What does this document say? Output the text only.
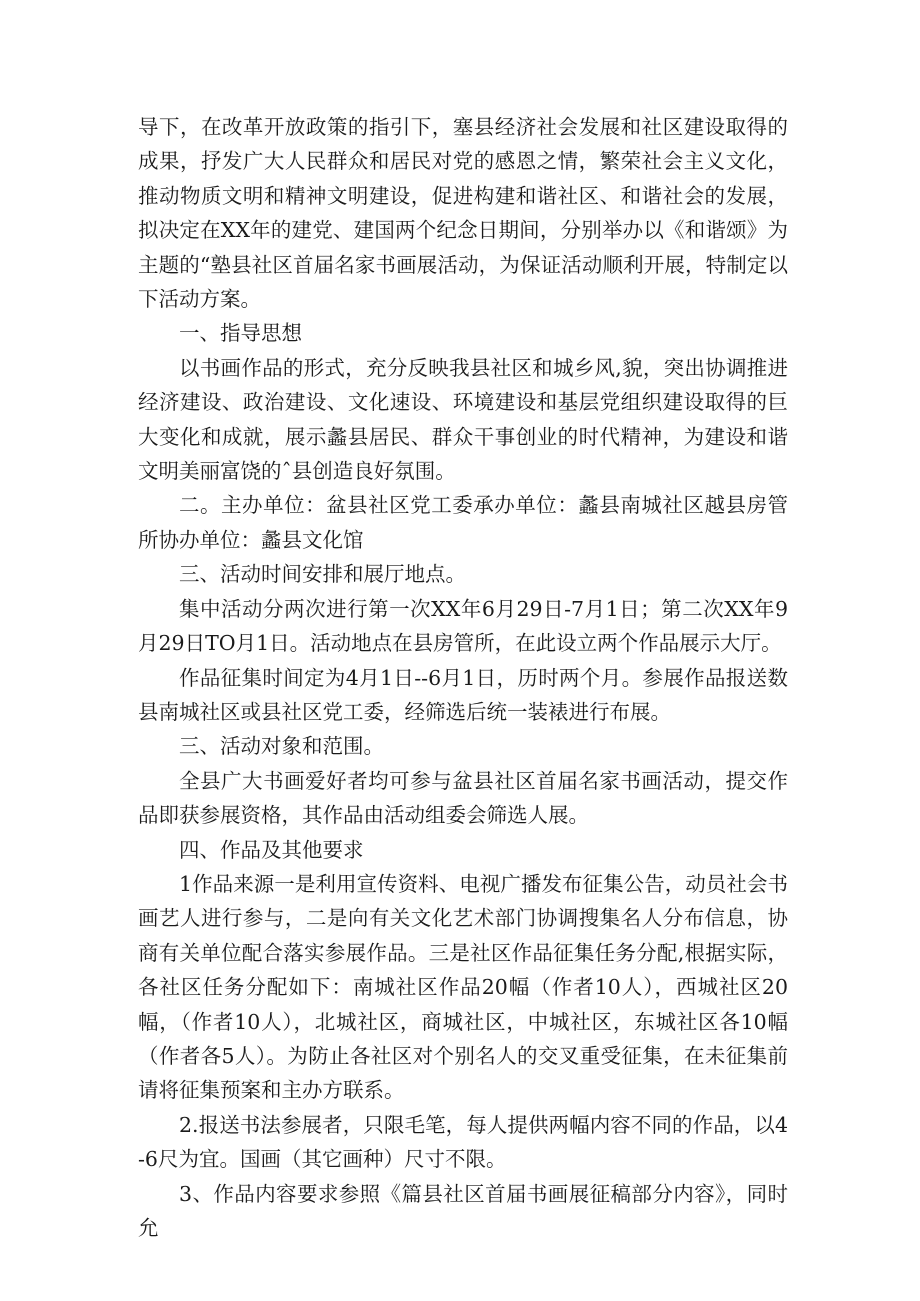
导下，在改革开放政策的指引下，塞县经济社会发展和社区建设取得的成果，抒发广大人民群众和居民对党的感恩之情，繁荣社会主义文化，推动物质文明和精神文明建设，促进构建和谐社区、和谐社会的发展，拟决定在XX年的建党、建国两个纪念日期间，分别举办以《和谐颂》为主题的“塾县社区首届名家书画展活动，为保证活动顺利开展，特制定以下活动方案。

一、指导思想

以书画作品的形式，充分反映我县社区和城乡风,貌，突出协调推进经济建设、政治建设、文化速设、环境建设和基层党组织建设取得的巨大变化和成就，展示蠡县居民、群众干事创业的时代精神，为建设和谐文明美丽富饶的ˆ县创造良好氛围。

二。主办单位：盆县社区党工委承办单位：蠡县南城社区越县房管所协办单位：蠡县文化馆

三、活动时间安排和展厅地点。

集中活动分两次进行第一次XX年6月29日-7月1日；第二次XX年9月29日TO月1日。活动地点在县房管所，在此设立两个作品展示大厅。

作品征集时间定为4月1日--6月1日，历时两个月。参展作品报送数县南城社区或县社区党工委，经筛选后统一装裱进行布展。

三、活动对象和范围。

全县广大书画爱好者均可参与盆县社区首届名家书画活动，提交作品即获参展资格，其作品由活动组委会筛选人展。

四、作品及其他要求

1作品来源一是利用宣传资料、电视广播发布征集公告，动员社会书画艺人进行参与，二是向有关文化艺术部门协调搜集名人分布信息，协商有关单位配合落实参展作品。三是社区作品征集任务分配,根据实际，各社区任务分配如下：南城社区作品20幅（作者10人），西城社区20幅，（作者10人），北城社区，商城社区，中城社区，东城社区各10幅（作者各5人）。为防止各社区对个别名人的交叉重受征集，在未征集前请将征集预案和主办方联系。

2.报送书法参展者，只限毛笔，每人提供两幅内容不同的作品，以4-6尺为宜。国画（其它画种）尺寸不限。

3、作品内容要求参照《篇县社区首届书画展征稿部分内容》，同时允
